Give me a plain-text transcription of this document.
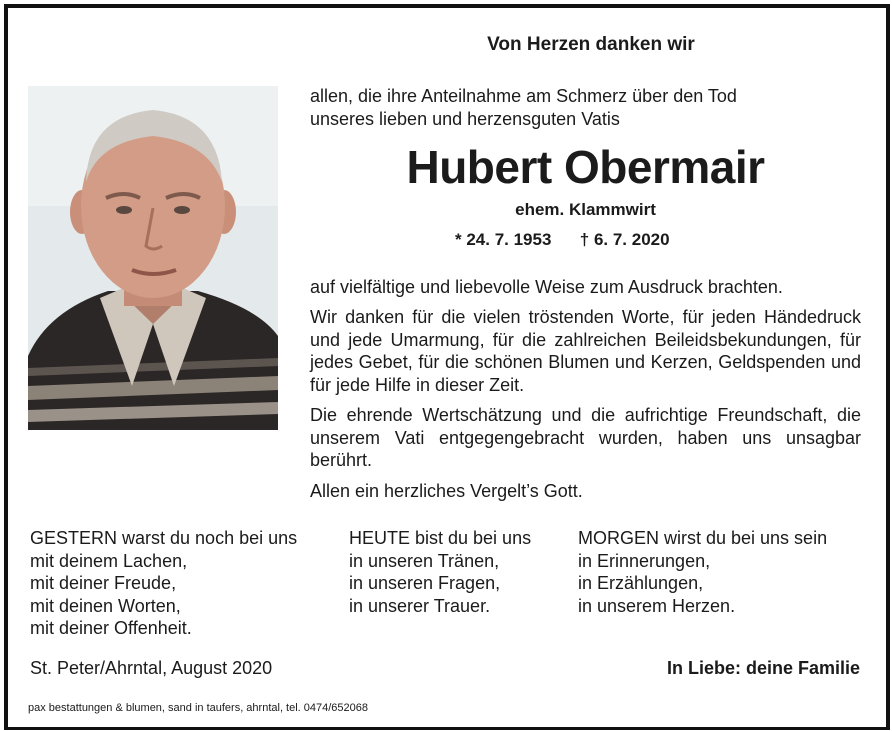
Von Herzen danken wir
allen, die ihre Anteilnahme am Schmerz über den Tod
unseres lieben und herzensguten Vatis
Hubert Obermair
ehem. Klammwirt
* 24. 7. 1953 † 6. 7. 2020
auf vielfältige und liebevolle Weise zum Ausdruck brachten.
Wir danken für die vielen tröstenden Worte, für jeden Händedruck und jede Umarmung, für die zahlreichen Beileidsbekundungen, für jedes Gebet, für die schönen Blumen und Kerzen, Geldspenden und für jede Hilfe in dieser Zeit.
Die ehrende Wertschätzung und die aufrichtige Freundschaft, die unserem Vati entgegengebracht wurden, haben uns unsagbar berührt.
Allen ein herzliches Vergelt’s Gott.
GESTERN warst du noch bei uns
mit deinem Lachen,
mit deiner Freude,
mit deinen Worten,
mit deiner Offenheit.
HEUTE bist du bei uns
in unseren Tränen,
in unseren Fragen,
in unserer Trauer.
MORGEN wirst du bei uns sein
in Erinnerungen,
in Erzählungen,
in unserem Herzen.
St. Peter/Ahrntal, August 2020	In Liebe: deine Familie
pax bestattungen & blumen, sand in taufers, ahrntal, tel. 0474/652068
